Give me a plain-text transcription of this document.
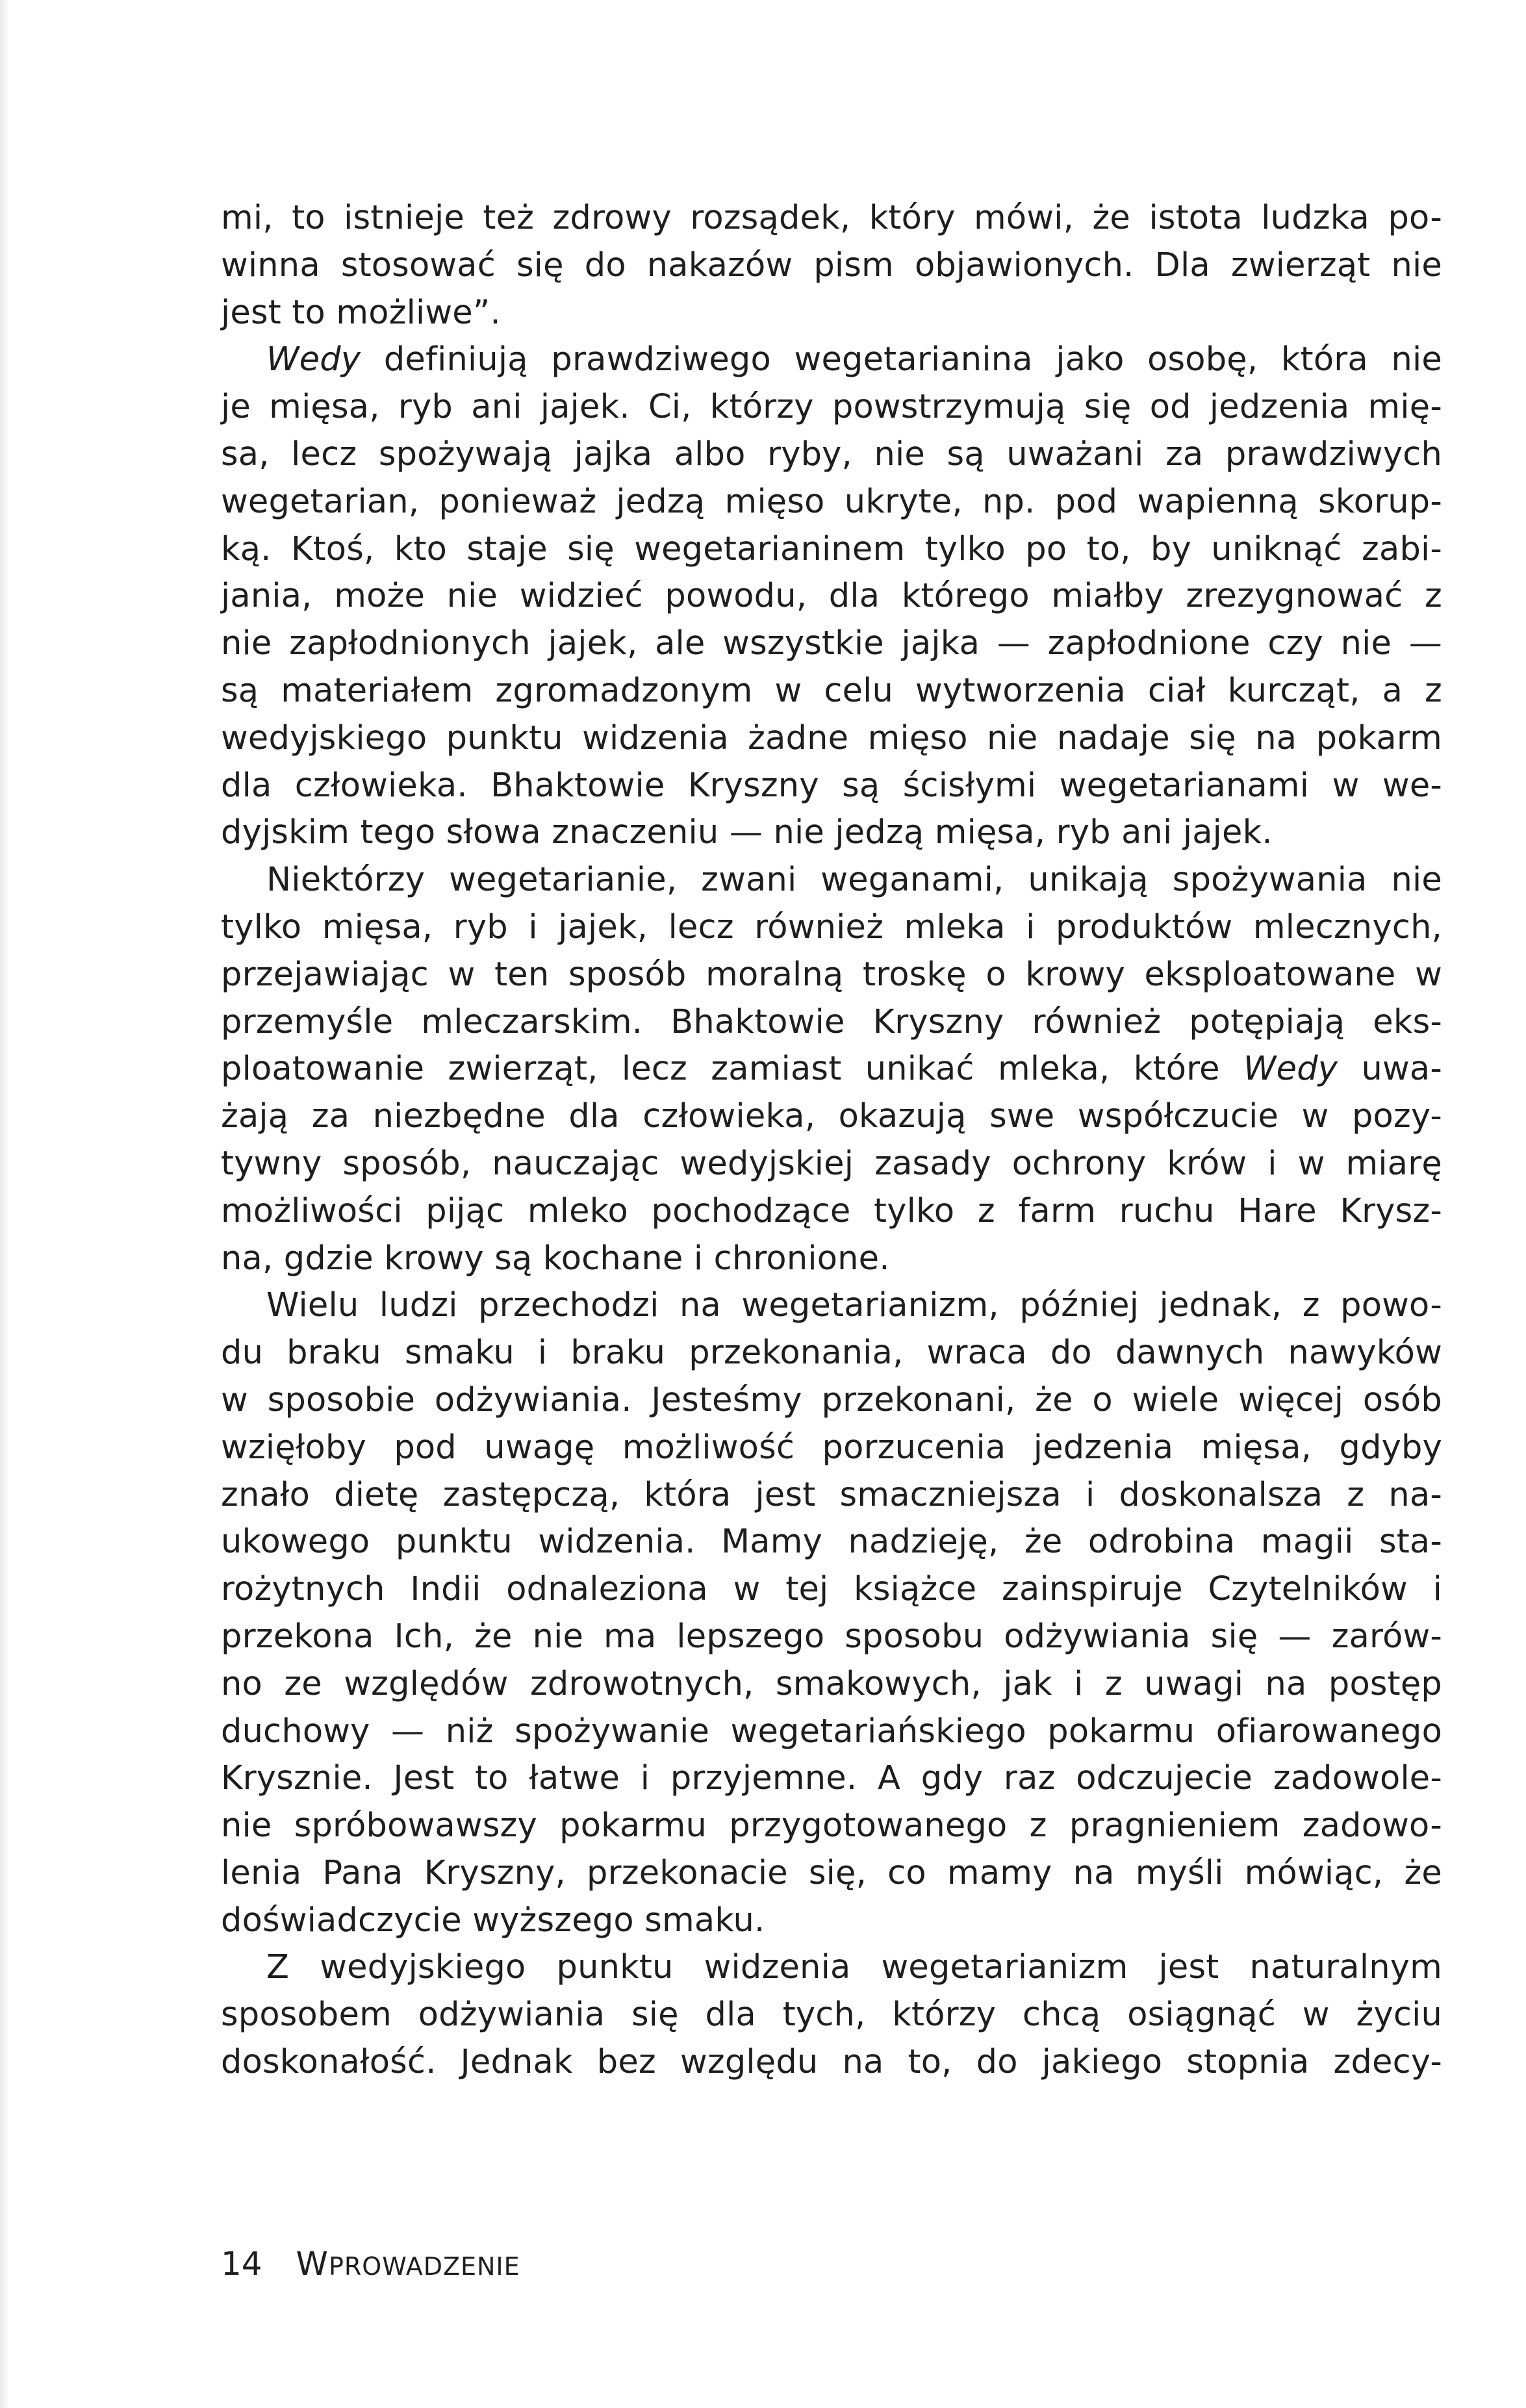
mi, to istnieje też zdrowy rozsądek, który mówi, że istota ludzka po-
winna stosować się do nakazów pism objawionych. Dla zwierząt nie
jest to możliwe”.
Wedy definiują prawdziwego wegetarianina jako osobę, która nie
je mięsa, ryb ani jajek. Ci, którzy powstrzymują się od jedzenia mię-
sa, lecz spożywają jajka albo ryby, nie są uważani za prawdziwych
wegetarian, ponieważ jedzą mięso ukryte, np. pod wapienną skorup-
ką. Ktoś, kto staje się wegetarianinem tylko po to, by uniknąć zabi-
jania, może nie widzieć powodu, dla którego miałby zrezygnować z
nie zapłodnionych jajek, ale wszystkie jajka — zapłodnione czy nie —
są materiałem zgromadzonym w celu wytworzenia ciał kurcząt, a z
wedyjskiego punktu widzenia żadne mięso nie nadaje się na pokarm
dla człowieka. Bhaktowie Kryszny są ścisłymi wegetarianami w we-
dyjskim tego słowa znaczeniu — nie jedzą mięsa, ryb ani jajek.
Niektórzy wegetarianie, zwani weganami, unikają spożywania nie
tylko mięsa, ryb i jajek, lecz również mleka i produktów mlecznych,
przejawiając w ten sposób moralną troskę o krowy eksploatowane w
przemyśle mleczarskim. Bhaktowie Kryszny również potępiają eks-
ploatowanie zwierząt, lecz zamiast unikać mleka, które Wedy uwa-
żają za niezbędne dla człowieka, okazują swe współczucie w pozy-
tywny sposób, nauczając wedyjskiej zasady ochrony krów i w miarę
możliwości pijąc mleko pochodzące tylko z farm ruchu Hare Krysz-
na, gdzie krowy są kochane i chronione.
Wielu ludzi przechodzi na wegetarianizm, później jednak, z powo-
du braku smaku i braku przekonania, wraca do dawnych nawyków
w sposobie odżywiania. Jesteśmy przekonani, że o wiele więcej osób
wzięłoby pod uwagę możliwość porzucenia jedzenia mięsa, gdyby
znało dietę zastępczą, która jest smaczniejsza i doskonalsza z na-
ukowego punktu widzenia. Mamy nadzieję, że odrobina magii sta-
rożytnych Indii odnaleziona w tej książce zainspiruje Czytelników i
przekona Ich, że nie ma lepszego sposobu odżywiania się — zarów-
no ze względów zdrowotnych, smakowych, jak i z uwagi na postęp
duchowy — niż spożywanie wegetariańskiego pokarmu ofiarowanego
Krysznie. Jest to łatwe i przyjemne. A gdy raz odczujecie zadowole-
nie spróbowawszy pokarmu przygotowanego z pragnieniem zadowo-
lenia Pana Kryszny, przekonacie się, co mamy na myśli mówiąc, że
doświadczycie wyższego smaku.
Z wedyjskiego punktu widzenia wegetarianizm jest naturalnym
sposobem odżywiania się dla tych, którzy chcą osiągnąć w życiu
doskonałość. Jednak bez względu na to, do jakiego stopnia zdecy-
14 WPROWADZENIE
